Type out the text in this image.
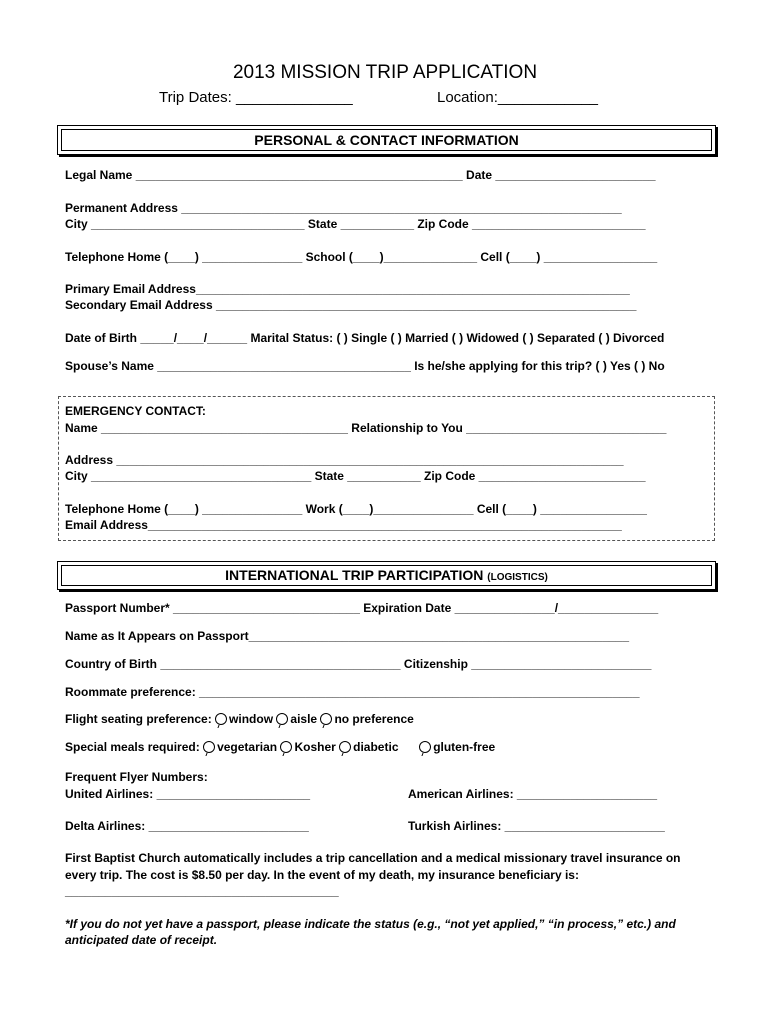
2013 MISSION TRIP APPLICATION
Trip Dates: ______________	Location:____________
PERSONAL & CONTACT INFORMATION
Legal Name _________________________________________________ Date ________________________
Permanent Address __________________________________________________________________
City ________________________________ State ___________ Zip Code __________________________
Telephone Home (____) _______________ School (____)______________ Cell (____) _________________
Primary Email Address_________________________________________________________________
Secondary Email Address _______________________________________________________________
Date of Birth _____/____/______ Marital Status: ( ) Single ( ) Married ( ) Widowed ( ) Separated ( ) Divorced
Spouse’s Name ______________________________________ Is he/she applying for this trip? ( ) Yes ( ) No
EMERGENCY CONTACT:
Name _____________________________________ Relationship to You ______________________________
Address ____________________________________________________________________________
City _________________________________ State ___________ Zip Code _________________________
Telephone Home (____) _______________ Work (____)_______________ Cell (____) ________________
Email Address_______________________________________________________________________
INTERNATIONAL TRIP PARTICIPATION (LOGISTICS)
Passport Number* ____________________________ Expiration Date _______________/_______________
Name as It Appears on Passport_________________________________________________________
Country of Birth ____________________________________ Citizenship ___________________________
Roommate preference: __________________________________________________________________
Flight seating preference: window aisle no preference
Special meals required: vegetarian Kosher diabetic	gluten-free
Frequent Flyer Numbers:
United Airlines: _______________________	American Airlines: _____________________
Delta Airlines: ________________________	Turkish Airlines: ________________________
First Baptist Church automatically includes a trip cancellation and a medical missionary travel insurance on
every trip. The cost is $8.50 per day. In the event of my death, my insurance beneficiary is:
_________________________________________
*If you do not yet have a passport, please indicate the status (e.g., “not yet applied,” “in process,” etc.) and
anticipated date of receipt.
